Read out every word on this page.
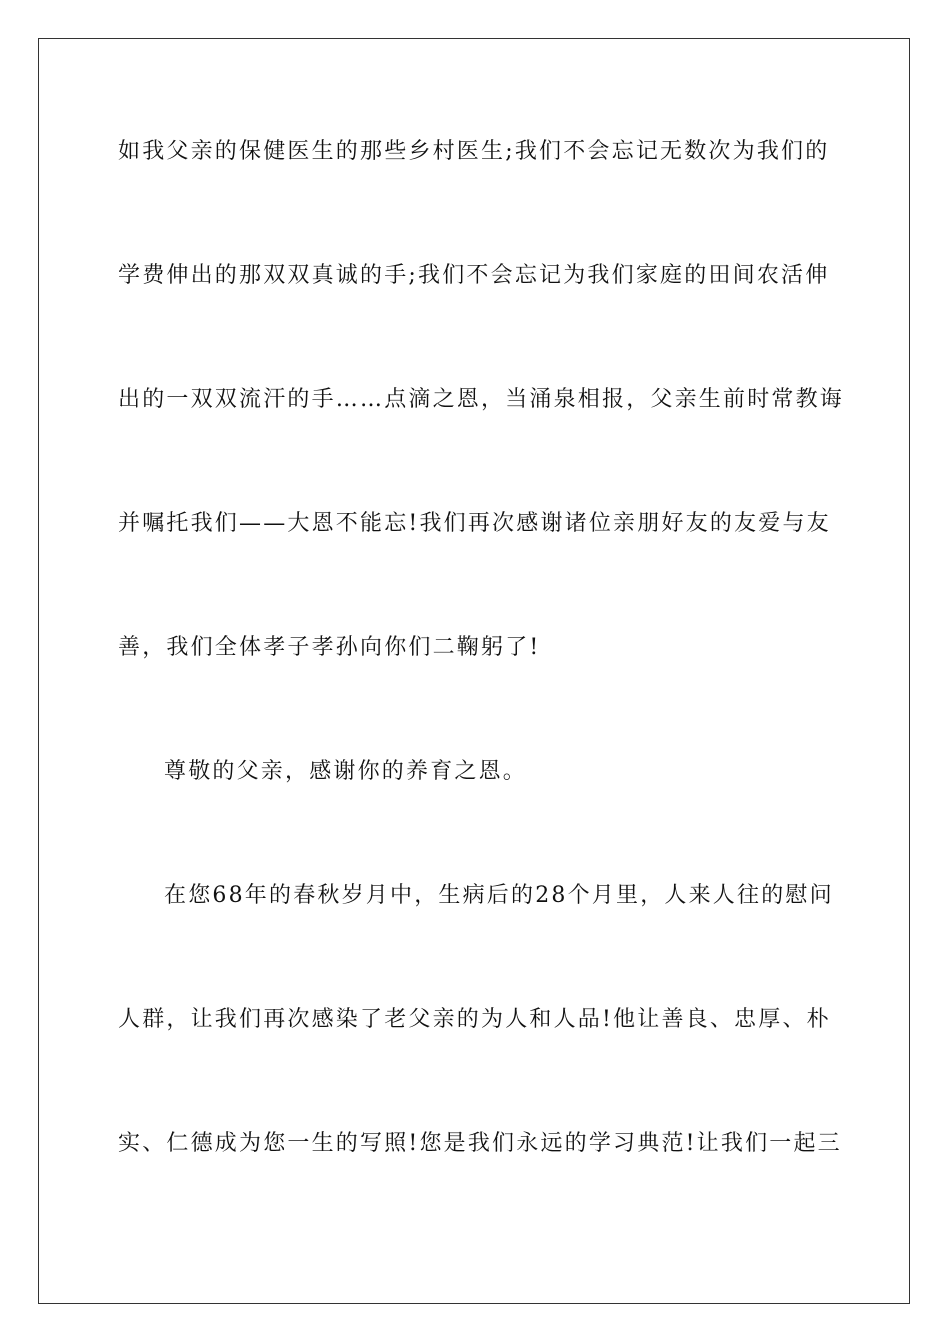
如我父亲的保健医生的那些乡村医生;我们不会忘记无数次为我们的
学费伸出的那双双真诚的手;我们不会忘记为我们家庭的田间农活伸
出的一双双流汗的手……点滴之恩，当涌泉相报，父亲生前时常教诲
并嘱托我们——大恩不能忘!我们再次感谢诸位亲朋好友的友爱与友
善，我们全体孝子孝孙向你们二鞠躬了!
尊敬的父亲，感谢你的养育之恩。
在您68年的春秋岁月中，生病后的28个月里，人来人往的慰问
人群，让我们再次感染了老父亲的为人和人品!他让善良、忠厚、朴
实、仁德成为您一生的写照!您是我们永远的学习典范!让我们一起三
